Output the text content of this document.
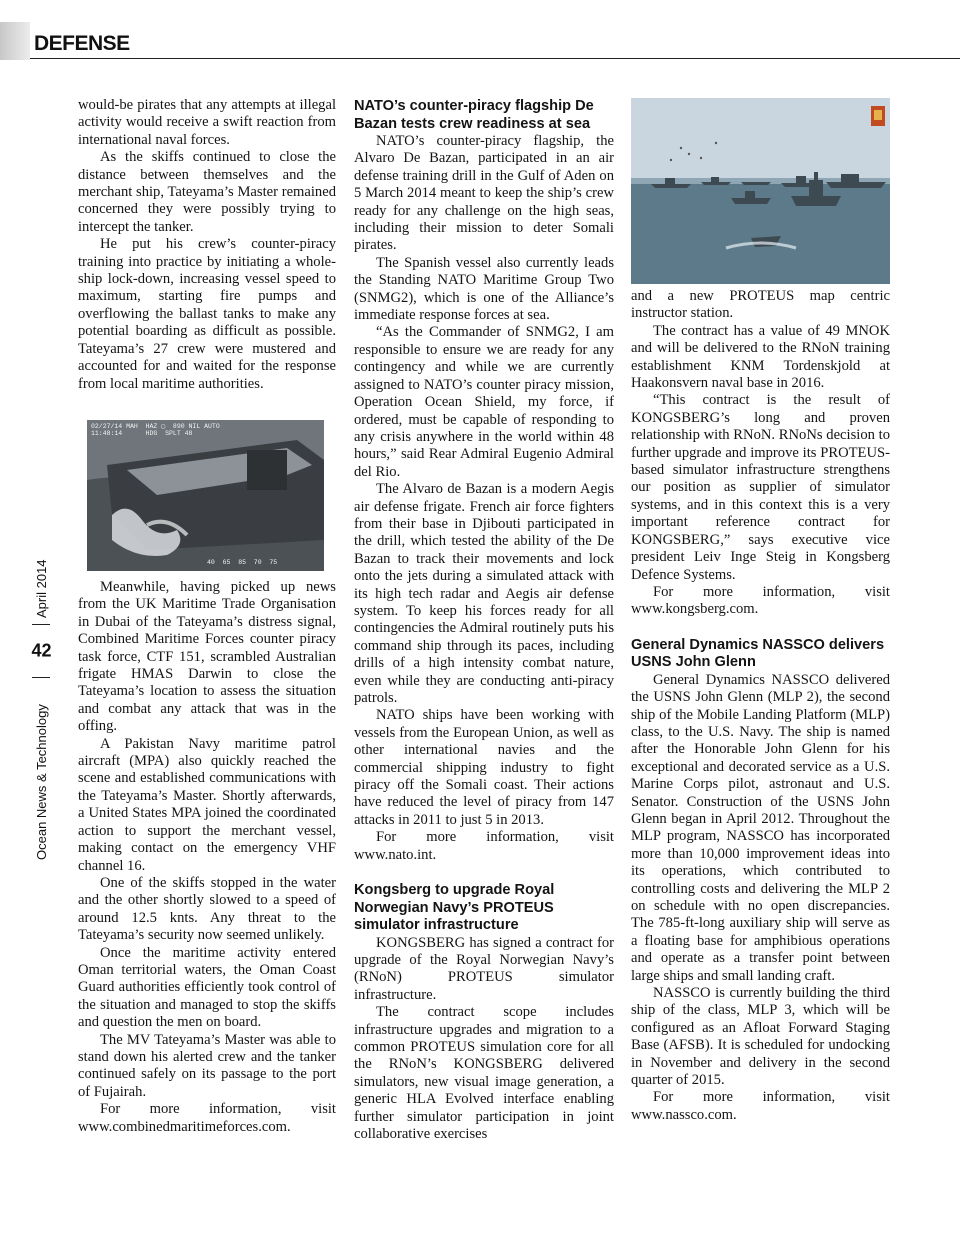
DEFENSE
Ocean News & Technology
42
April 2014

would-be pirates that any attempts at illegal activity would receive a swift reaction from international naval forces.

As the skiffs continued to close the distance between themselves and the merchant ship, Tateyama’s Master remained concerned they were possibly trying to intercept the tanker.

He put his crew’s counter-piracy training into practice by initiating a whole-ship lock-down, increasing vessel speed to maximum, starting fire pumps and overflowing the ballast tanks to make any potential boarding as difficult as possible. Tateyama’s 27 crew were mustered and accounted for and waited for the response from local maritime authorities.

02/27/14 MAH  HAZ ▢  890 NIL AUTO
11:48:14      HDG  SPLT 48
40  65  85  70  75

Meanwhile, having picked up news from the UK Maritime Trade Organisation in Dubai of the Tateyama’s distress signal, Combined Maritime Forces counter piracy task force, CTF 151, scrambled Australian frigate HMAS Darwin to close the Tateyama’s location to assess the situation and combat any attack that was in the offing.

A Pakistan Navy maritime patrol aircraft (MPA) also quickly reached the scene and established communications with the Tateyama’s Master. Shortly afterwards, a United States MPA joined the coordinated action to support the merchant vessel, making contact on the emergency VHF channel 16.

One of the skiffs stopped in the water and the other shortly slowed to a speed of around 12.5 knts. Any threat to the Tateyama’s security now seemed unlikely.

Once the maritime activity entered Oman territorial waters, the Oman Coast Guard authorities efficiently took control of the situation and managed to stop the skiffs and question the men on board.

The MV Tateyama’s Master was able to stand down his alerted crew and the tanker continued safely on its passage to the port of Fujairah.

For more information, visit www.combinedmaritimeforces.com.

NATO’s counter-piracy flagship De Bazan tests crew readiness at sea

NATO’s counter-piracy flagship, the Alvaro De Bazan, participated in an air defense training drill in the Gulf of Aden on 5 March 2014 meant to keep the ship’s crew ready for any challenge on the high seas, including their mission to deter Somali pirates.

The Spanish vessel also currently leads the Standing NATO Maritime Group Two (SNMG2), which is one of the Alliance’s immediate response forces at sea.

“As the Commander of SNMG2, I am responsible to ensure we are ready for any contingency and while we are currently assigned to NATO’s counter piracy mission, Operation Ocean Shield, my force, if ordered, must be capable of responding to any crisis anywhere in the world within 48 hours,” said Rear Admiral Eugenio Admiral del Rio.

The Alvaro de Bazan is a modern Aegis air defense frigate. French air force fighters from their base in Djibouti participated in the drill, which tested the ability of the De Bazan to track their movements and lock onto the jets during a simulated attack with its high tech radar and Aegis air defense system. To keep his forces ready for all contingencies the Admiral routinely puts his command ship through its paces, including drills of a high intensity combat nature, even while they are conducting anti-piracy patrols.

NATO ships have been working with vessels from the European Union, as well as other international navies and the commercial shipping industry to fight piracy off the Somali coast. Their actions have reduced the level of piracy from 147 attacks in 2011 to just 5 in 2013.

For more information, visit www.nato.int.

Kongsberg to upgrade Royal Norwegian Navy’s PROTEUS simulator infrastructure

KONGSBERG has signed a contract for upgrade of the Royal Norwegian Navy’s (RNoN) PROTEUS simulator infrastructure.

The contract scope includes infrastructure upgrades and migration to a common PROTEUS simulation core for all the RNoN’s KONGSBERG delivered simulators, new visual image generation, a generic HLA Evolved interface enabling further simulator participation in joint collaborative exercises

and a new PROTEUS map centric instructor station.

The contract has a value of 49 MNOK and will be delivered to the RNoN training establishment KNM Tordenskjold at Haakonsvern naval base in 2016.

“This contract is the result of KONGSBERG’s long and proven relationship with RNoN. RNoNs decision to further upgrade and improve its PROTEUS-based simulator infrastructure strengthens our position as supplier of simulator systems, and in this context this is a very important reference contract for KONGSBERG,” says executive vice president Leiv Inge Steig in Kongsberg Defence Systems.

For more information, visit www.kongsberg.com.

General Dynamics NASSCO delivers USNS John Glenn

General Dynamics NASSCO delivered the USNS John Glenn (MLP 2), the second ship of the Mobile Landing Platform (MLP) class, to the U.S. Navy. The ship is named after the Honorable John Glenn for his exceptional and decorated service as a U.S. Marine Corps pilot, astronaut and U.S. Senator. Construction of the USNS John Glenn began in April 2012. Throughout the MLP program, NASSCO has incorporated more than 10,000 improvement ideas into its operations, which contributed to controlling costs and delivering the MLP 2 on schedule with no open discrepancies. The 785-ft-long auxiliary ship will serve as a floating base for amphibious operations and operate as a transfer point between large ships and small landing craft.

NASSCO is currently building the third ship of the class, MLP 3, which will be configured as an Afloat Forward Staging Base (AFSB). It is scheduled for undocking in November and delivery in the second quarter of 2015.

For more information, visit www.nassco.com.
